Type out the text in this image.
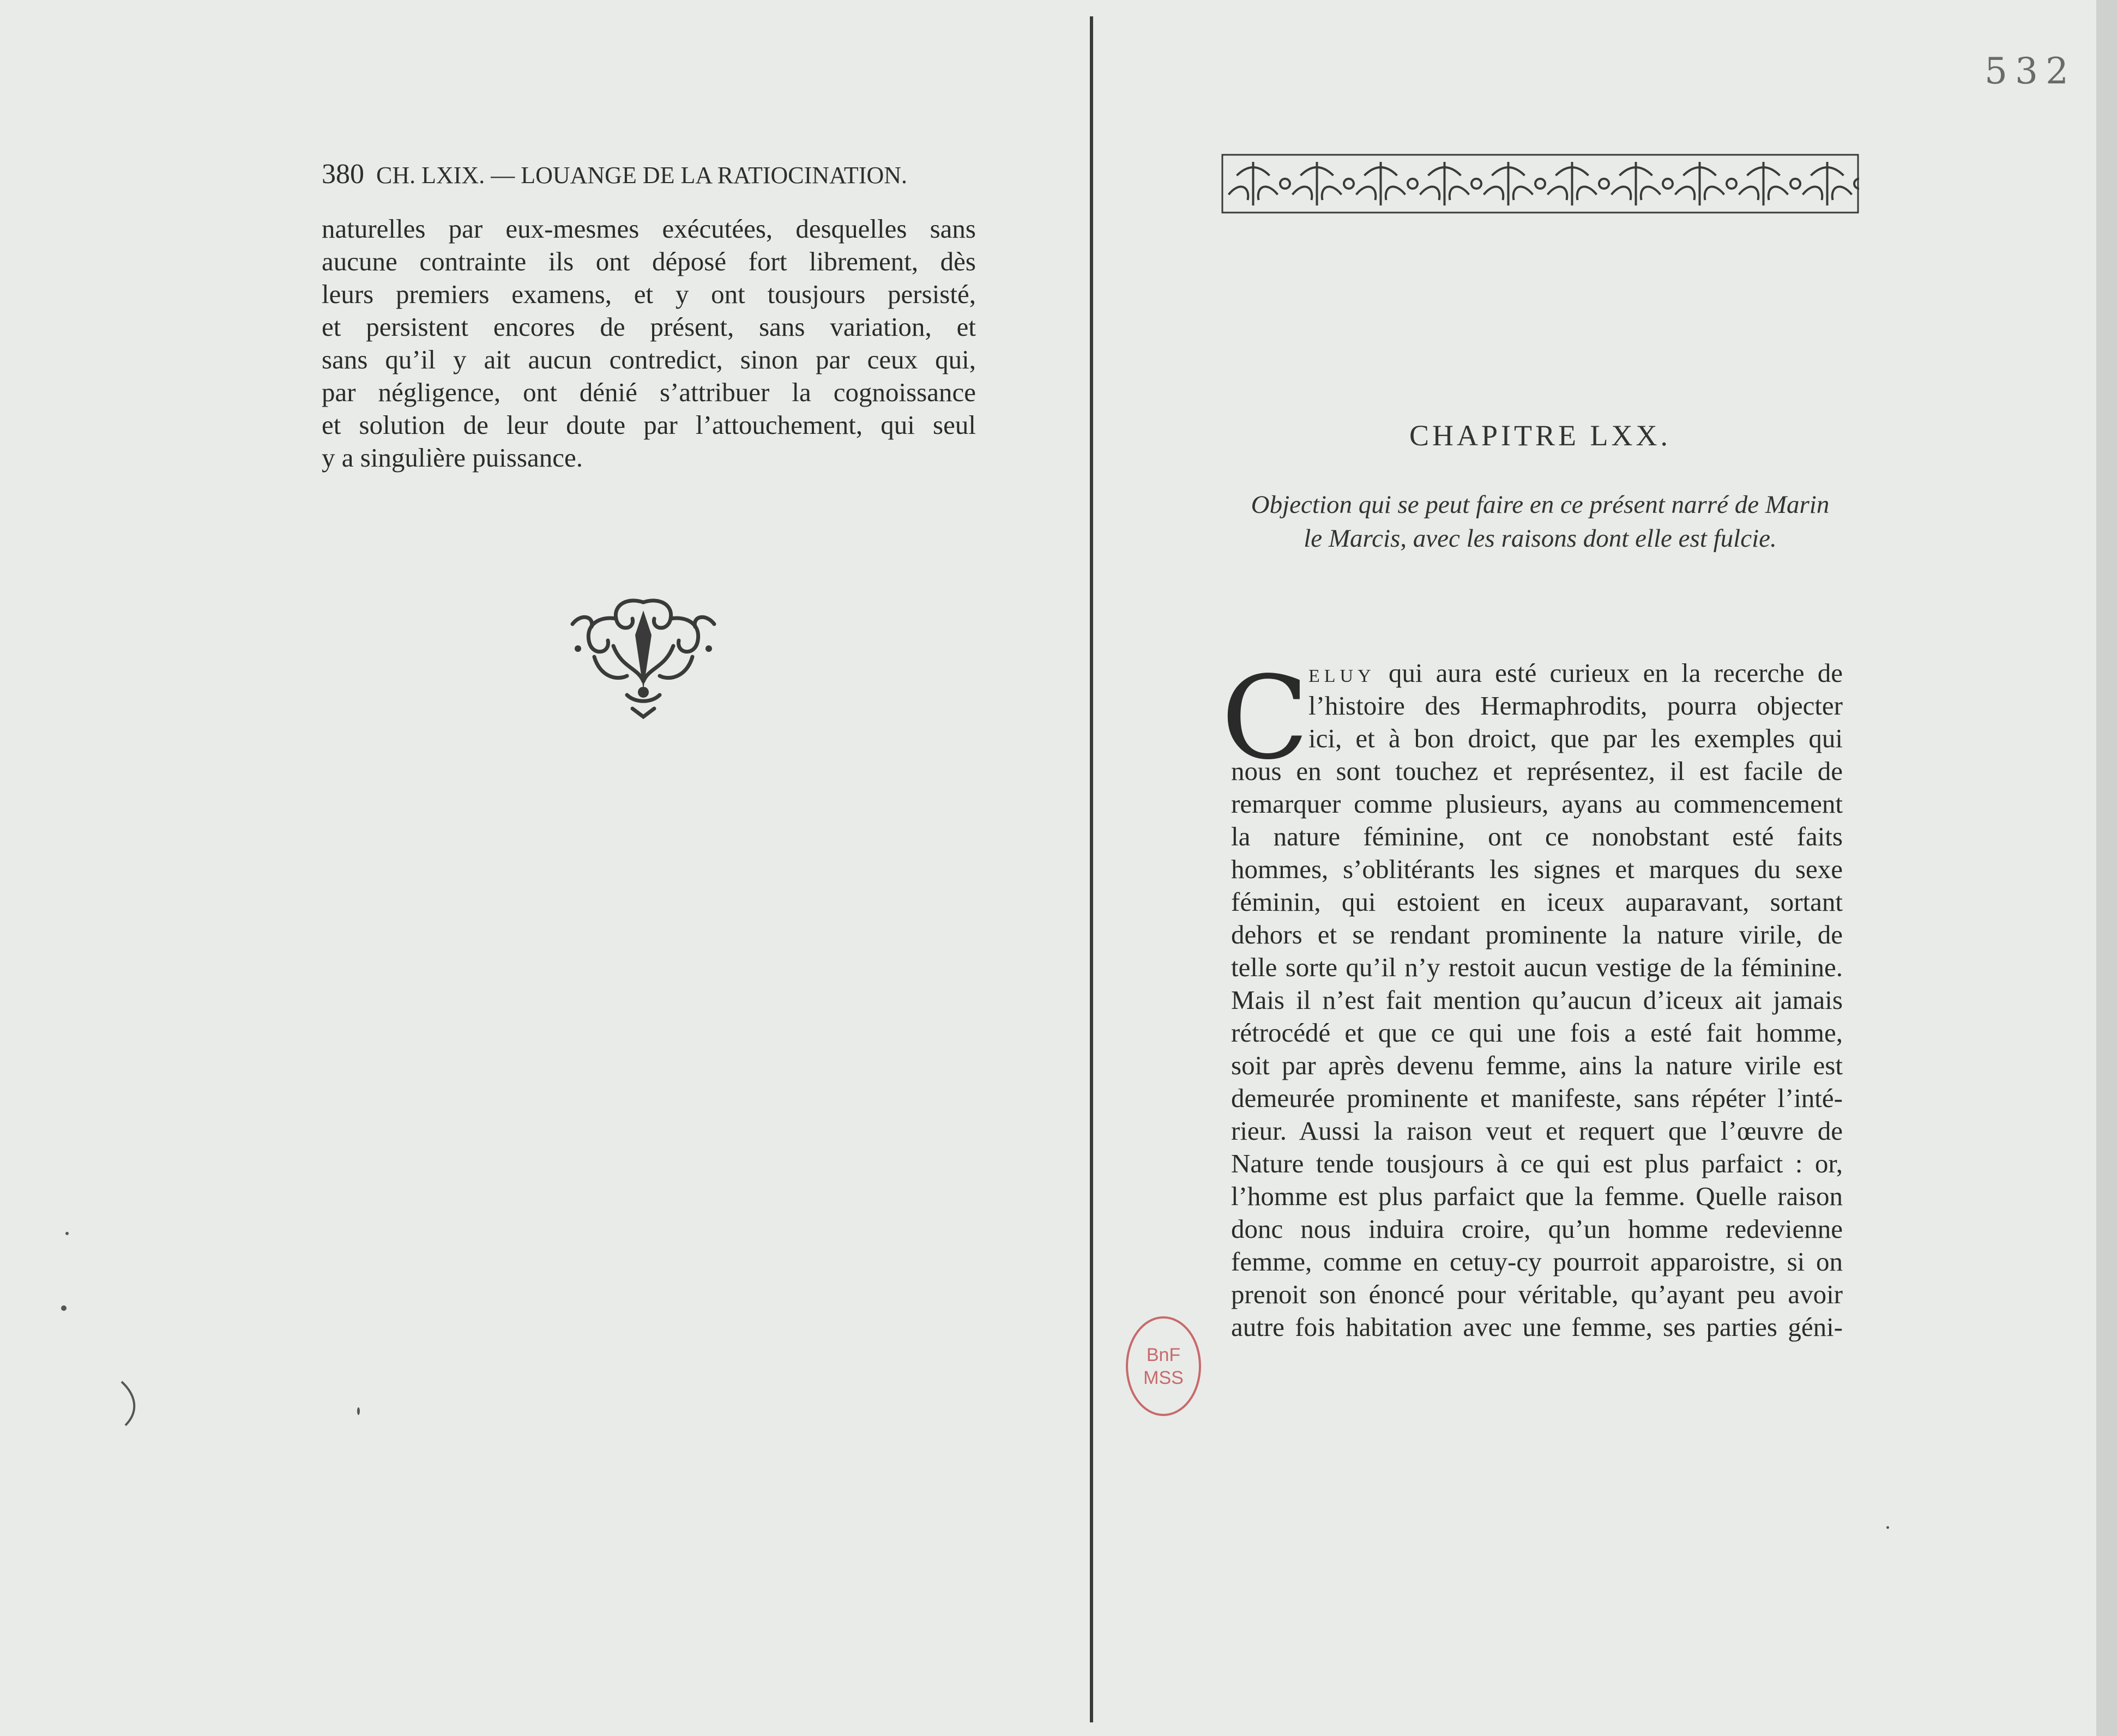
532
380 CH. LXIX. — LOUANGE DE LA RATIOCINATION.
naturelles par eux-mesmes exécutées, desquelles sans
aucune contrainte ils ont déposé fort librement, dès
leurs premiers examens, et y ont tousjours persisté,
et persistent encores de présent, sans variation, et
sans qu’il y ait aucun contredict, sinon par ceux qui,
par négligence, ont dénié s’attribuer la cognoissance
et solution de leur doute par l’attouchement, qui seul
y a singulière puissance.
CHAPITRE LXX.
Objection qui se peut faire en ce présent narré de Marin
le Marcis, avec les raisons dont elle est fulcie.
C ELUY qui aura esté curieux en la recerche de
l’histoire des Hermaphrodits, pourra objecter
ici, et à bon droict, que par les exemples qui
nous en sont touchez et représentez, il est facile de
remarquer comme plusieurs, ayans au commencement
la nature féminine, ont ce nonobstant esté faits
hommes, s’oblitérants les signes et marques du sexe
féminin, qui estoient en iceux auparavant, sortant
dehors et se rendant prominente la nature virile, de
telle sorte qu’il n’y restoit aucun vestige de la féminine.
Mais il n’est fait mention qu’aucun d’iceux ait jamais
rétrocédé et que ce qui une fois a esté fait homme,
soit par après devenu femme, ains la nature virile est
demeurée prominente et manifeste, sans répéter l’inté-
rieur. Aussi la raison veut et requert que l’œuvre de
Nature tende tousjours à ce qui est plus parfaict : or,
l’homme est plus parfaict que la femme. Quelle raison
donc nous induira croire, qu’un homme redevienne
femme, comme en cetuy-cy pourroit apparoistre, si on
prenoit son énoncé pour véritable, qu’ayant peu avoir
autre fois habitation avec une femme, ses parties géni-
BnF
MSS
